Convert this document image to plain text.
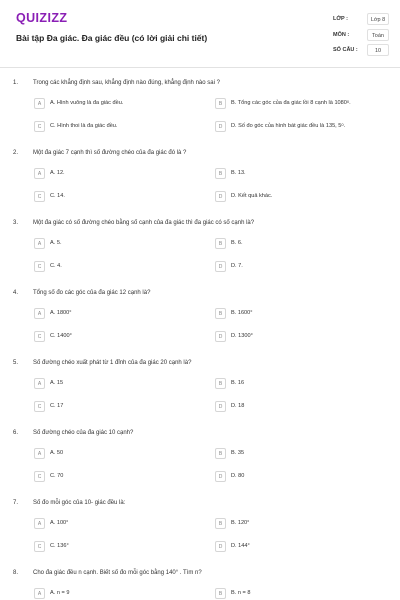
QUIZIZZ
Bài tập Đa giác. Đa giác đều (có lời giải chi tiết)
LỚP :	Lớp 8
MÔN :	Toán
SỐ CÂU :	10
1. Trong các khẳng định sau, khẳng định nào đúng, khẳng định nào sai ?
A	A. Hình vuông là đa giác đều.	B	B. Tổng các góc của đa giác lồi 8 cạnh là 1080$^0$.
C	C. Hình thoi là đa giác đều.	D	D. Số đo góc của hình bát giác đều là 135, $5^0$.
2. Một đa giác 7 cạnh thì số đường chéo của đa giác đó là ?
A	A. 12.	B	B. 13.
C	C. 14.	D	D. Kết quả khác.
3. Một đa giác có số đường chéo bằng số cạnh của đa giác thì đa giác có số cạnh là?
A	A. 5.	B	B. 6.
C	C. 4.	D	D. 7.
4. Tổng số đo các góc của đa giác 12 cạnh là?
A	A. 1800°	B	B. 1600°
C	C. 1400°	D	D. 1300°
5. Số đường chéo xuất phát từ 1 đỉnh của đa giác 20 cạnh là?
A	A. 15	B	B. 16
C	C. 17	D	D. 18
6. Số đường chéo của đa giác 10 cạnh?
A	A. 50	B	B. 35
C	C. 70	D	D. 80
7. Số đo mỗi góc của 10- giác đều là:
A	A. 100°	B	B. 120°
C	C. 136°	D	D. 144°
8. Cho đa giác đều n cạnh. Biết số đo mỗi góc bằng 140° . Tìm n?
A	A. n = 9	B	B. n = 8
